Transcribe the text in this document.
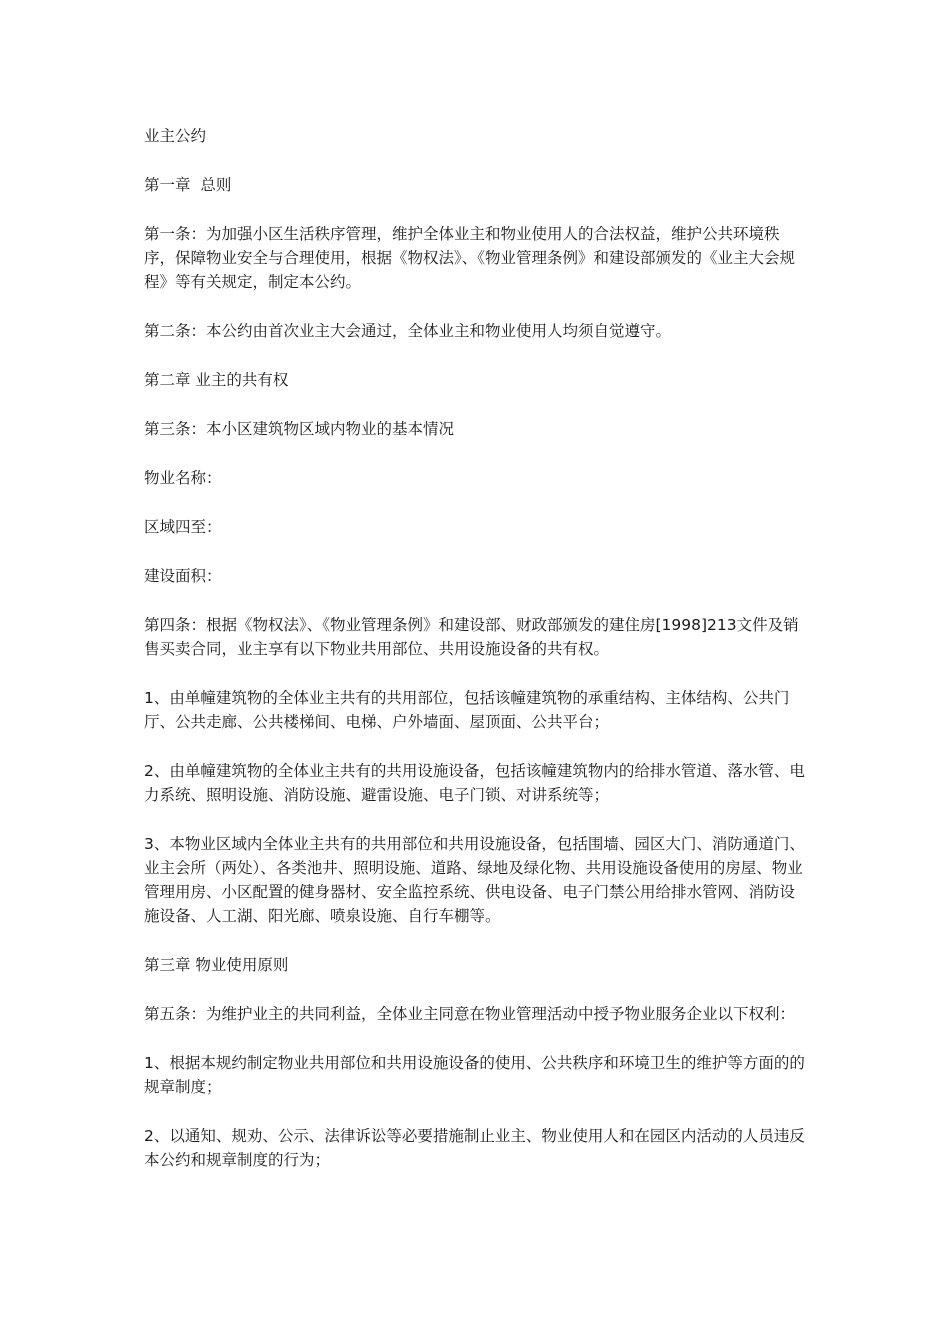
业主公约

第一章  总则

第一条：为加强小区生活秩序管理，维护全体业主和物业使用人的合法权益，维护公共环境秩序，保障物业安全与合理使用，根据《物权法》、《物业管理条例》和建设部颁发的《业主大会规程》等有关规定，制定本公约。

第二条：本公约由首次业主大会通过，全体业主和物业使用人均须自觉遵守。

第二章 业主的共有权

第三条：本小区建筑物区域内物业的基本情况

物业名称：

区域四至：

建设面积：

第四条：根据《物权法》、《物业管理条例》和建设部、财政部颁发的建住房[1998]213文件及销售买卖合同，业主享有以下物业共用部位、共用设施设备的共有权。

1、由单幢建筑物的全体业主共有的共用部位，包括该幢建筑物的承重结构、主体结构、公共门厅、公共走廊、公共楼梯间、电梯、户外墙面、屋顶面、公共平台；

2、由单幢建筑物的全体业主共有的共用设施设备，包括该幢建筑物内的给排水管道、落水管、电力系统、照明设施、消防设施、避雷设施、电子门锁、对讲系统等；

3、本物业区域内全体业主共有的共用部位和共用设施设备，包括围墙、园区大门、消防通道门、业主会所（两处）、各类池井、照明设施、道路、绿地及绿化物、共用设施设备使用的房屋、物业管理用房、小区配置的健身器材、安全监控系统、供电设备、电子门禁公用给排水管网、消防设施设备、人工湖、阳光廊、喷泉设施、自行车棚等。

第三章 物业使用原则

第五条：为维护业主的共同利益，全体业主同意在物业管理活动中授予物业服务企业以下权利：

1、根据本规约制定物业共用部位和共用设施设备的使用、公共秩序和环境卫生的维护等方面的的规章制度；

2、以通知、规劝、公示、法律诉讼等必要措施制止业主、物业使用人和在园区内活动的人员违反本公约和规章制度的行为；
